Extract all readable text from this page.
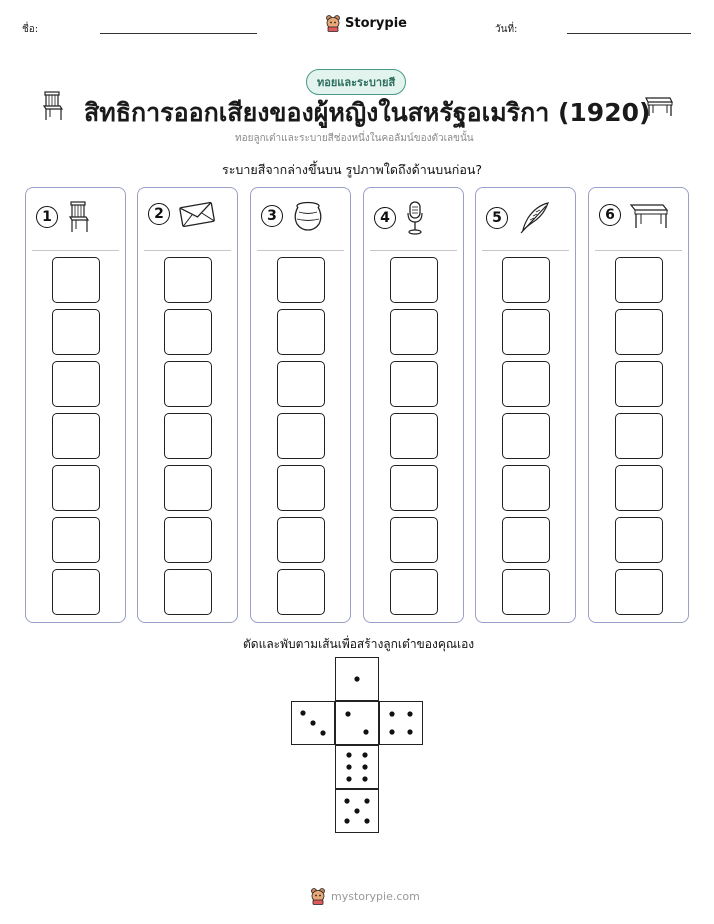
ชื่อ:	Storypie	วันที่:
ทอยและระบายสี
สิทธิการออกเสียงของผู้หญิงในสหรัฐอเมริกา (1920)
ทอยลูกเต๋าและระบายสีช่องหนึ่งในคอลัมน์ของตัวเลขนั้น
ระบายสีจากล่างขึ้นบน รูปภาพใดถึงด้านบนก่อน?
1	2	3	4	5	6
ตัดและพับตามเส้นเพื่อสร้างลูกเต๋าของคุณเอง
mystorypie.com
